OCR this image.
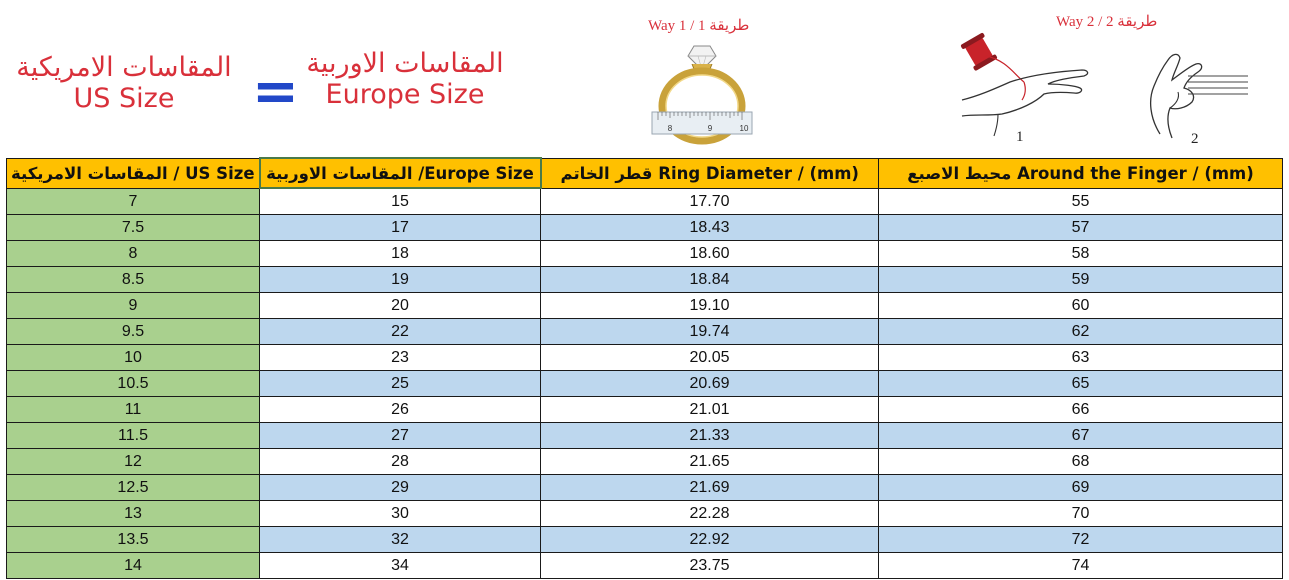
المقاسات الامريكية
US Size	= المقاسات الاوربية
Europe Size
طريقة 1 / Way 1	طريقة 2 / Way 2
8	9	10
1	2
US Size / المقاسات الامريكية	Europe Size/ المقاسات الاوربية	Ring Diameter / (mm) قطر الخاتم	Around the Finger / (mm) محيط الاصبع
7	15	17.70	55
7.5	17	18.43	57
8	18	18.60	58
8.5	19	18.84	59
9	20	19.10	60
9.5	22	19.74	62
10	23	20.05	63
10.5	25	20.69	65
11	26	21.01	66
11.5	27	21.33	67
12	28	21.65	68
12.5	29	21.69	69
13	30	22.28	70
13.5	32	22.92	72
14	34	23.75	74
